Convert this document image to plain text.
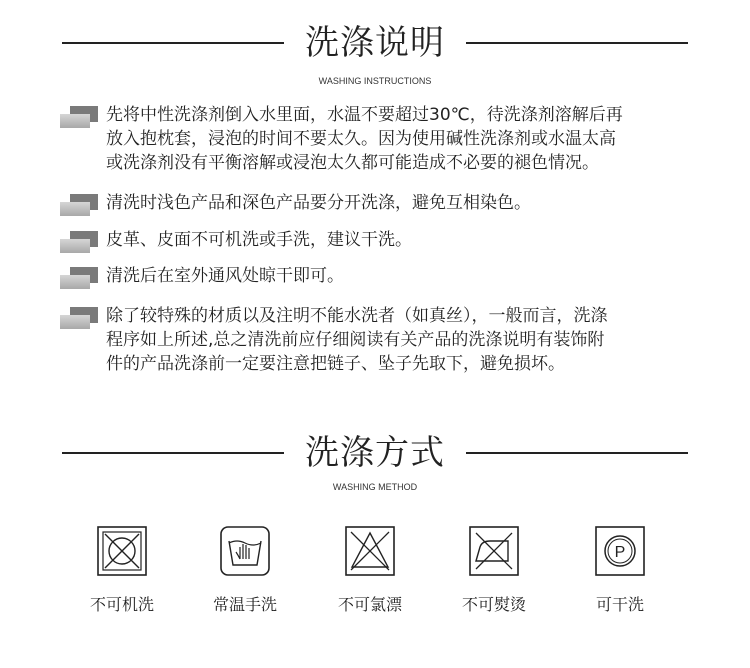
洗涤说明
WASHING INSTRUCTIONS
先将中性洗涤剂倒入水里面，水温不要超过30℃，待洗涤剂溶解后再
放入抱枕套，浸泡的时间不要太久。因为使用碱性洗涤剂或水温太高
或洗涤剂没有平衡溶解或浸泡太久都可能造成不必要的褪色情况。
清洗时浅色产品和深色产品要分开洗涤，避免互相染色。
皮革、皮面不可机洗或手洗，建议干洗。
清洗后在室外通风处晾干即可。
除了较特殊的材质以及注明不能水洗者（如真丝），一般而言，洗涤
程序如上所述,总之清洗前应仔细阅读有关产品的洗涤说明有装饰附
件的产品洗涤前一定要注意把链子、坠子先取下，避免损坏。
洗涤方式
WASHING METHOD
不可机洗	常温手洗	不可氯漂	不可熨烫
P
可干洗
